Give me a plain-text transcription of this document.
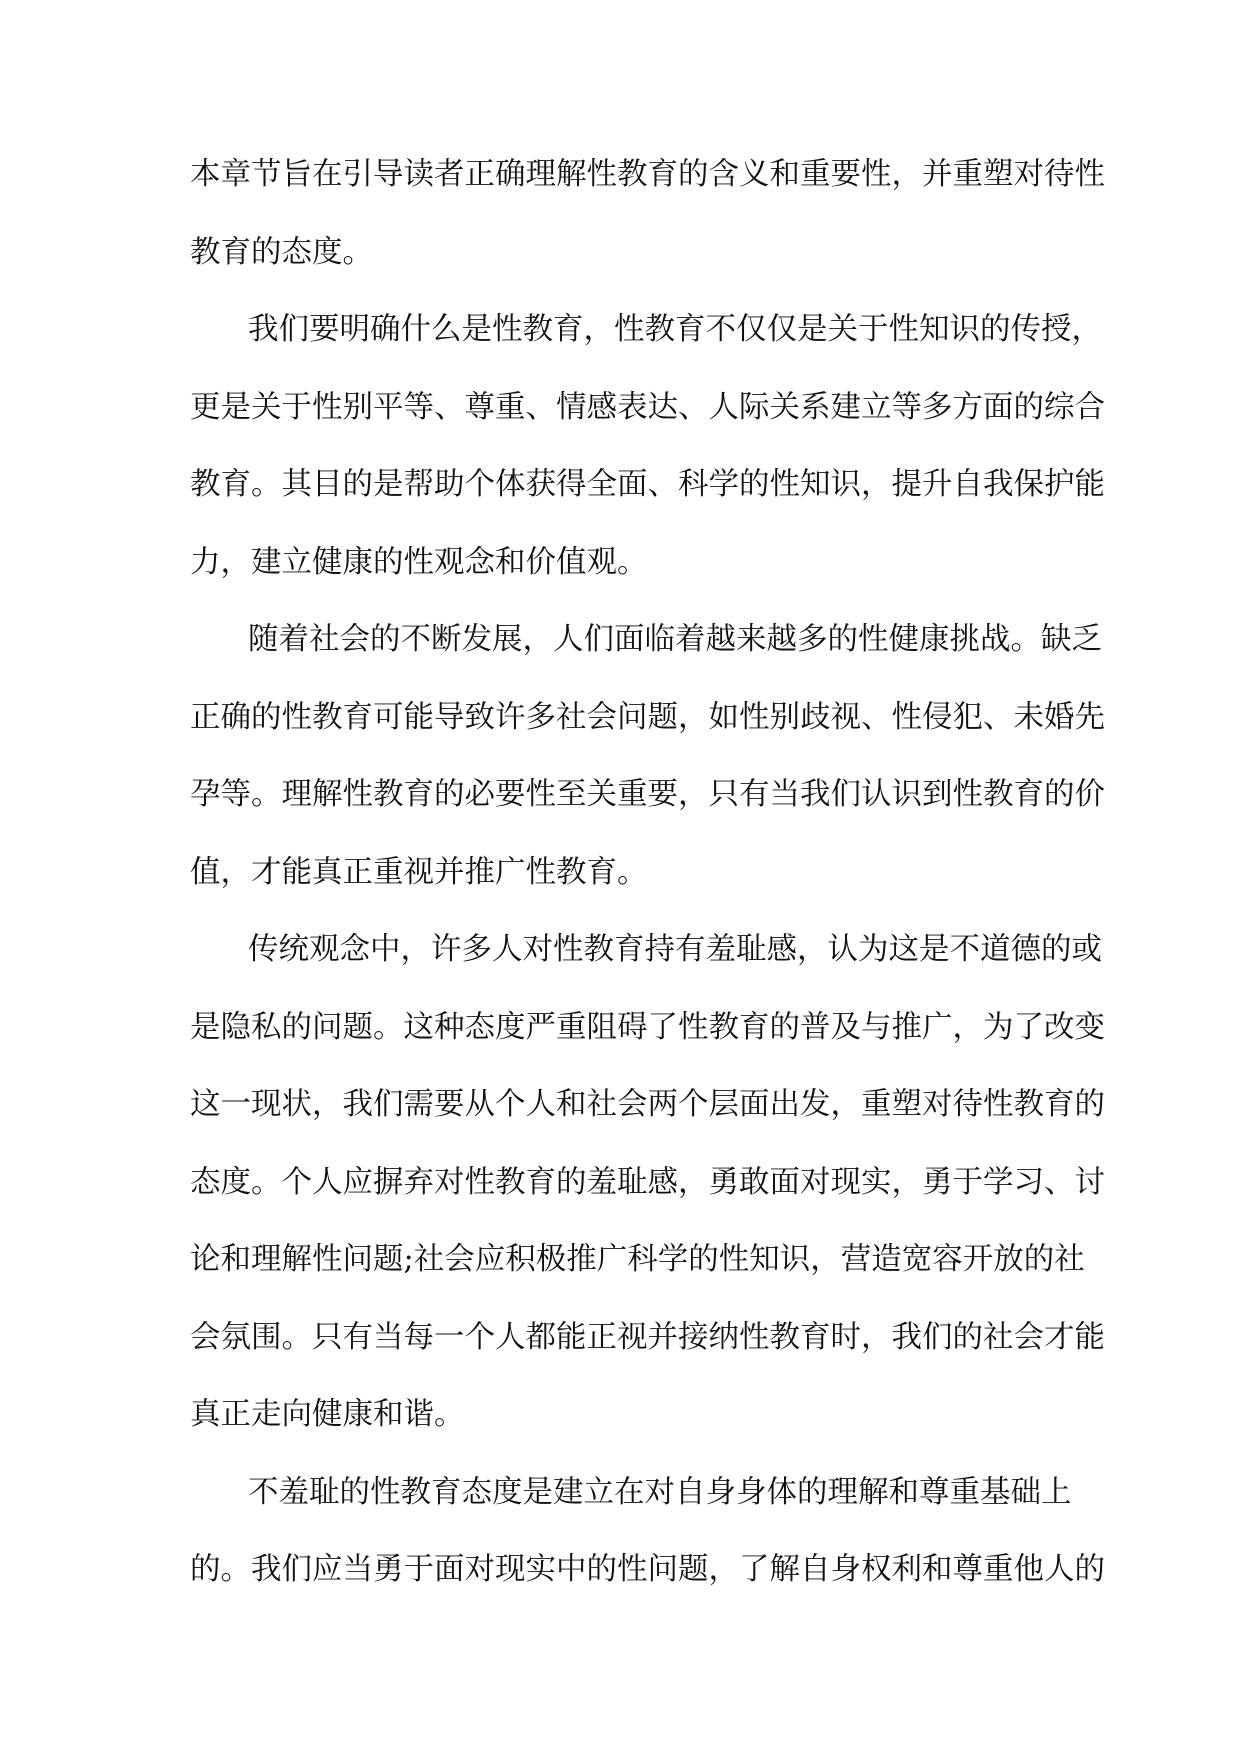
本章节旨在引导读者正确理解性教育的含义和重要性，并重塑对待性
教育的态度。
我们要明确什么是性教育，性教育不仅仅是关于性知识的传授，
更是关于性别平等、尊重、情感表达、人际关系建立等多方面的综合
教育。其目的是帮助个体获得全面、科学的性知识，提升自我保护能
力，建立健康的性观念和价值观。
随着社会的不断发展，人们面临着越来越多的性健康挑战。缺乏
正确的性教育可能导致许多社会问题，如性别歧视、性侵犯、未婚先
孕等。理解性教育的必要性至关重要，只有当我们认识到性教育的价
值，才能真正重视并推广性教育。
传统观念中，许多人对性教育持有羞耻感，认为这是不道德的或
是隐私的问题。这种态度严重阻碍了性教育的普及与推广，为了改变
这一现状，我们需要从个人和社会两个层面出发，重塑对待性教育的
态度。个人应摒弃对性教育的羞耻感，勇敢面对现实，勇于学习、讨
论和理解性问题;社会应积极推广科学的性知识，营造宽容开放的社
会氛围。只有当每一个人都能正视并接纳性教育时，我们的社会才能
真正走向健康和谐。
不羞耻的性教育态度是建立在对自身身体的理解和尊重基础上
的。我们应当勇于面对现实中的性问题，了解自身权利和尊重他人的
